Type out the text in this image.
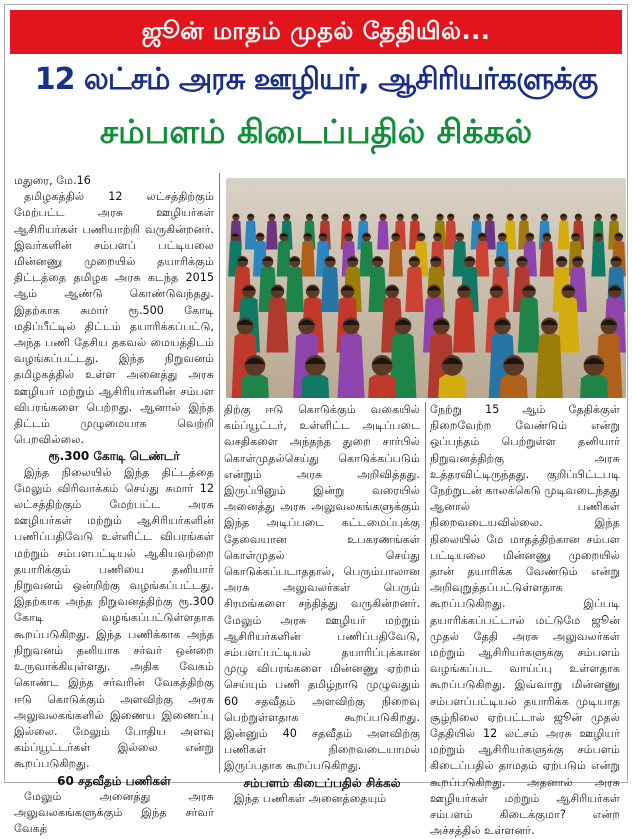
ஜூன் மாதம் முதல் தேதியில்...
12 லட்சம் அரசு ஊழியர், ஆசிரியர்களுக்கு
சம்பளம் கிடைப்பதில் சிக்கல்

மதுரை, மே.16

தமிழகத்தில் 12 லட்சத்திற்கும் மேற்பட்ட அரசு ஊழியர்கள் ஆசிரியர்கள் பணியாற்றி வருகின்றனர். இவர்களின் சம்பளப் பட்டியலை மின்னணு முறையில் தயாரிக்கும் திட்டத்தை தமிழக அரசு கடந்த 2015 ஆம் ஆண்டு கொண்டுவந்தது. இதற்காக சுமார் ரூ.500 கோடி மதிப்பீட்டில் திட்டம் தயாரிக்கப்பட்டு, அந்த பணி தேசிய தகவல் மையத்திடம் வழங்கப்பட்டது. இந்த நிறுவனம் தமிழகத்தில் உள்ள அனைத்து அரசு ஊழியர் மற்றும் ஆசிரியர்களின் சம்பள விபரங்களை பெற்றது. ஆனால் இந்த திட்டம் முழுமையாக வெற்றி பெறவில்லை.

ரூ.300 கோடி டெண்டர்

இந்த நிலையில் இந்த திட்டத்தை மேலும் விரிவாக்கம் செய்து சுமார் 12 லட்சத்திற்கும் மேற்பட்ட அரசு ஊழியர்கள் மற்றும் ஆசிரியர்களின் பணிப்பதிவேடு உள்ளிட்ட விபரங்கள் மற்றும் சம்பளபட்டியல் ஆகியவற்றை தயாரிக்கும் பணியை தனியார் நிறுவனம் ஒன்றிற்கு வழங்கப்பட்டது. இதற்காக அந்த நிறுவனத்திற்கு ரூ.300 கோடி வழங்கப்பட்டுள்ளதாக கூறப்படுகிறது. இந்த பணிக்காக அந்த நிறுவனம் தனியாக சர்வர் ஒன்றை உருவாக்கியுள்ளது. அதிக வேகம் கொண்ட இந்த சர்வரின் வேகத்திற்கு ஈடு கொடுக்கும் அளவிற்கு அரசு அலுவலகங்களில் இணைய இணைப்பு இல்லை. மேலும் போதிய அளவு கம்ப்யூட்டர்கள் இல்லை என்று கூறப்படுகிறது.

60 சதவீதம் பணிகள்

மேலும் அனைத்து அரசு அலுவலகங்களுக்கும் இந்த சர்வர் வேகத்

திற்கு ஈடு கொடுக்கும் வகையில் கம்ப்யூட்டர், உள்ளிட்ட அடிப்படை வசதிகளை அந்தந்த துறை சார்பில் கொள்முதல்செய்து கொடுக்கப்படும் என்றும் அரசு அறிவித்தது. இருப்பினும் இன்று வரையில் அனைத்து அரசு அலுவலகங்களுக்கும் இந்த அடிப்படை கட்டமைப்புக்கு தேவையான உபகரணங்கள் கொள்முதல் செய்து கொடுக்கப்படாததால், பெரும்பாலான அரசு அலுவலர்கள் பெரும் சிரமங்களை சந்தித்து வருகின்றனர். மேலும் அரசு ஊழியர் மற்றும் ஆசிரியர்களின் பணிப்பதிவேடு, சம்பளப்பட்டியல் தயாரிப்புக்கான முழு விபரங்களை மின்னணு ஏற்றம் செய்யும் பணி தமிழ்நாடு முழுவதும் 60 சதவீதம் அளவிற்கு நிறைவு பெற்றுள்ளதாக கூறப்படுகிறது. இன்னும் 40 சதவீதம் அளவிற்கு பணிகள் நிறைவடையாமல் இருப்பதாக கூறப்படுகிறது.

சம்பளம் கிடைப்பதில் சிக்கல்

இந்த பணிகள் அனைத்தையும்

நேற்று 15 ஆம் தேதிக்குள் நிறைவேற்ற வேண்டும் என்று ஒப்பந்தம் பெற்றுள்ள தனியார் நிறுவனத்திற்கு அரசு உத்தரவிட்டிருந்தது. குறிப்பிட்டபடி நேற்றுடன் காலக்கெடு முடிவடைந்தது ஆனால் பணிகள் நிறைவடையவில்லை. இந்த நிலையில் மே மாதத்திற்கான சம்பள பட்டியலை மின்னணு முறையில் தான் தயாரிக்க வேண்டும் என்று அறிவுறுத்தப்பட்டுள்ளதாக கூறப்படுகிறது. இப்படி தயாரிக்கப்பட்டால் மட்டுமே ஜூன் முதல் தேதி அரசு அலுவலர்கள் மற்றும் ஆசிரியர்களுக்கு சம்பளம் வழங்கப்பட வாய்ப்பு உள்ளதாக கூறப்படுகிறது. இவ்வாறு மின்னணு சம்பளப்பட்டியல் தயாரிக்க முடியாத சூழ்நிலை ஏற்பட்டால் ஜூன் முதல் தேதியில் 12 லட்சம் அரசு ஊழியர் மற்றும் ஆசிரியர்களுக்கு சம்பளம் கிடைப்பதில் தாமதம் ஏற்படும் என்று கூறப்படுகிறது. அதனால் அரசு ஊழியர்கள் மற்றும் ஆசிரியர்கள் சம்பளம் கிடைக்குமா? என்ற அச்சத்தில் உள்ளனர்.
